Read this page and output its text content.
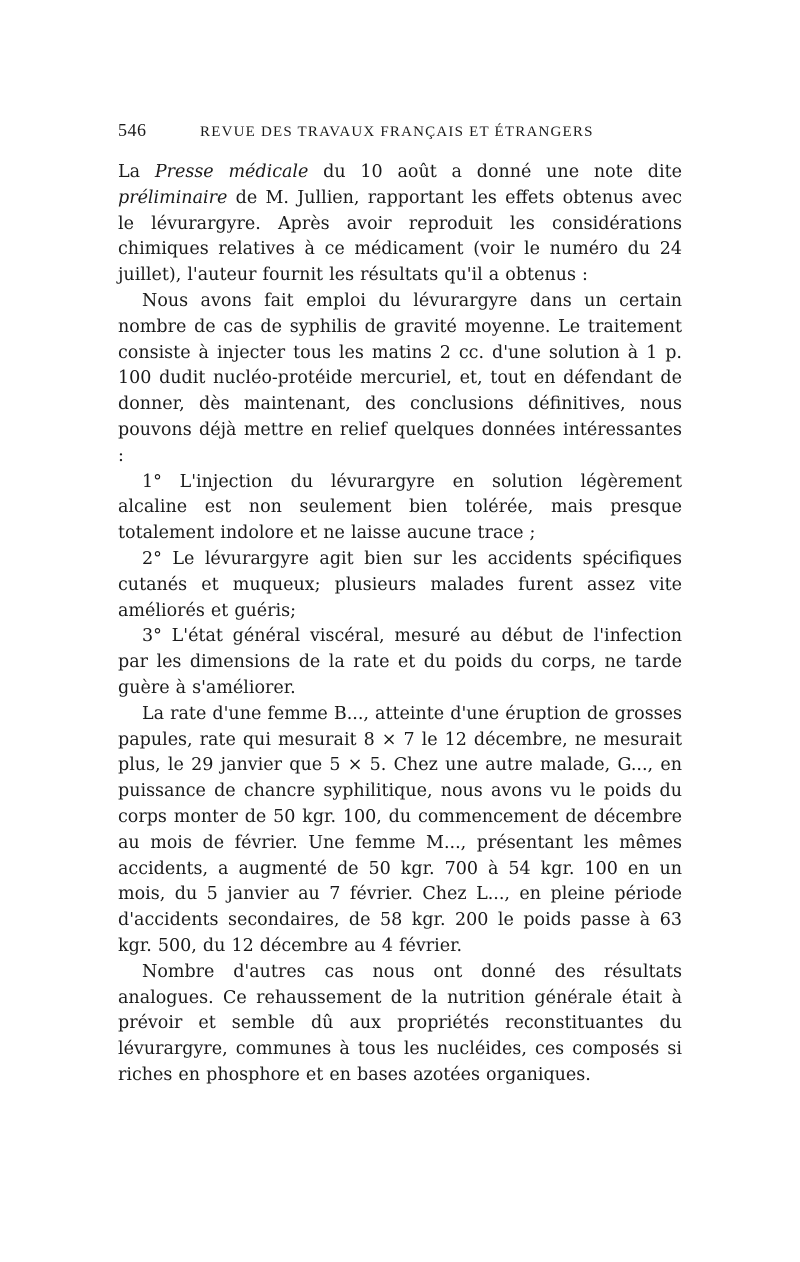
546	REVUE DES TRAVAUX FRANÇAIS ET ÉTRANGERS

La Presse médicale du 10 août a donné une note dite préliminaire de M. Jullien, rapportant les effets obtenus avec le lévurargyre. Après avoir reproduit les considérations chimiques relatives à ce médicament (voir le numéro du 24 juillet), l'auteur fournit les résultats qu'il a obtenus :

Nous avons fait emploi du lévurargyre dans un certain nombre de cas de syphilis de gravité moyenne. Le traitement consiste à injecter tous les matins 2 cc. d'une solution à 1 p. 100 dudit nucléo-protéide mercuriel, et, tout en défendant de donner, dès maintenant, des conclusions définitives, nous pouvons déjà mettre en relief quelques données intéressantes :

1° L'injection du lévurargyre en solution légèrement alcaline est non seulement bien tolérée, mais presque totalement indolore et ne laisse aucune trace ;

2° Le lévurargyre agit bien sur les accidents spécifiques cutanés et muqueux; plusieurs malades furent assez vite améliorés et guéris;

3° L'état général viscéral, mesuré au début de l'infection par les dimensions de la rate et du poids du corps, ne tarde guère à s'améliorer.

La rate d'une femme B..., atteinte d'une éruption de grosses papules, rate qui mesurait 8 × 7 le 12 décembre, ne mesurait plus, le 29 janvier que 5 × 5. Chez une autre malade, G..., en puissance de chancre syphilitique, nous avons vu le poids du corps monter de 50 kgr. 100, du commencement de décembre au mois de février. Une femme M..., présentant les mêmes accidents, a augmenté de 50 kgr. 700 à 54 kgr. 100 en un mois, du 5 janvier au 7 février. Chez L..., en pleine période d'accidents secondaires, de 58 kgr. 200 le poids passe à 63 kgr. 500, du 12 décembre au 4 février.

Nombre d'autres cas nous ont donné des résultats analogues. Ce rehaussement de la nutrition générale était à prévoir et semble dû aux propriétés reconstituantes du lévurargyre, communes à tous les nucléides, ces composés si riches en phosphore et en bases azotées organiques.
